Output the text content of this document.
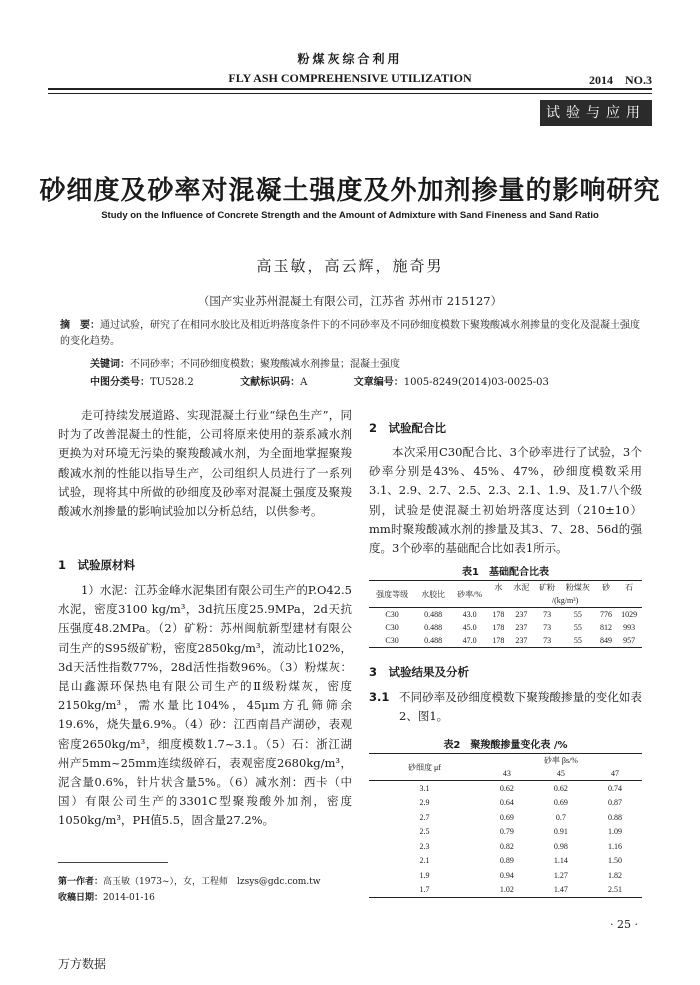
粉煤灰综合利用
FLY ASH COMPREHENSIVE UTILIZATION	2014　NO.3
试验与应用
砂细度及砂率对混凝土强度及外加剂掺量的影响研究
Study on the Influence of Concrete Strength and the Amount of Admixture with Sand Fineness and Sand Ratio
高玉敏，高云辉，施奇男
（国产实业苏州混凝土有限公司，江苏省 苏州市 215127）
摘　要：通过试验，研究了在相同水胶比及相近坍落度条件下的不同砂率及不同砂细度模数下聚羧酸减水剂掺量的变化及混凝土强度的变化趋势。
关键词：不同砂率；不同砂细度模数；聚羧酸减水剂掺量；混凝土强度
中图分类号：TU528.2	文献标识码：A	文章编号：1005-8249(2014)03-0025-03

走可持续发展道路、实现混凝土行业“绿色生产”，同时为了改善混凝土的性能，公司将原来使用的萘系减水剂更换为对环境无污染的聚羧酸减水剂，为全面地掌握聚羧酸减水剂的性能以指导生产，公司组织人员进行了一系列试验，现将其中所做的砂细度及砂率对混凝土强度及聚羧酸减水剂掺量的影响试验加以分析总结，以供参考。

1　试验原材料

1）水泥：江苏金峰水泥集团有限公司生产的P.O42.5水泥，密度3100 kg/m³，3d抗压度25.9MPa，2d天抗压强度48.2MPa。（2）矿粉：苏州闽航新型建材有限公司生产的S95级矿粉，密度2850kg/m³，流动比102%，3d天活性指数77%，28d活性指数96%。（3）粉煤灰：昆山鑫源环保热电有限公司生产的Ⅱ级粉煤灰，密度2150kg/m³，需水量比104%，45μm方孔筛筛余19.6%，烧失量6.9%。（4）砂：江西南昌产湖砂，表观密度2650kg/m³，细度模数1.7~3.1。（5）石：浙江湖州产5mm~25mm连续级碎石，表观密度2680kg/m³，泥含量0.6%，针片状含量5%。（6）减水剂：西卡（中国）有限公司生产的3301C型聚羧酸外加剂，密度1050kg/m³，PH值5.5，固含量27.2%。

2　试验配合比

本次采用C30配合比、3个砂率进行了试验，3个砂率分别是43%、45%、47%，砂细度模数采用3.1、2.9、2.7、2.5、2.3、2.1、1.9、及1.7八个级别，试验是使混凝土初始坍落度达到（210±10）mm时聚羧酸减水剂的掺量及其3、7、28、56d的强度。3个砂率的基础配合比如表1所示。

表1　基础配合比表
强度等级	水胶比	砂率/%	水	水泥	矿粉	粉煤灰	砂	石
			/(kg/m³)					
C30	0.488	43.0	178	237	73	55	776	1029
C30	0.488	45.0	178	237	73	55	812	993
C30	0.488	47.0	178	237	73	55	849	957
3　试验结果及分析
3.1 不同砂率及砂细度模数下聚羧酸掺量的变化如表2、图1。
表2　聚羧酸掺量变化表 /%
砂细度 μf	砂率 βs/%		
	43	45	47
3.1	0.62	0.62	0.74
2.9	0.64	0.69	0.87
2.7	0.69	0.7	0.88
2.5	0.79	0.91	1.09
2.3	0.82	0.98	1.16
2.1	0.89	1.14	1.50
1.9	0.94	1.27	1.82
1.7	1.02	1.47	2.51
第一作者：高玉敏（1973~），女，工程师　lzsys@gdc.com.tw
收稿日期：2014-01-16
· 25 ·
万方数据
